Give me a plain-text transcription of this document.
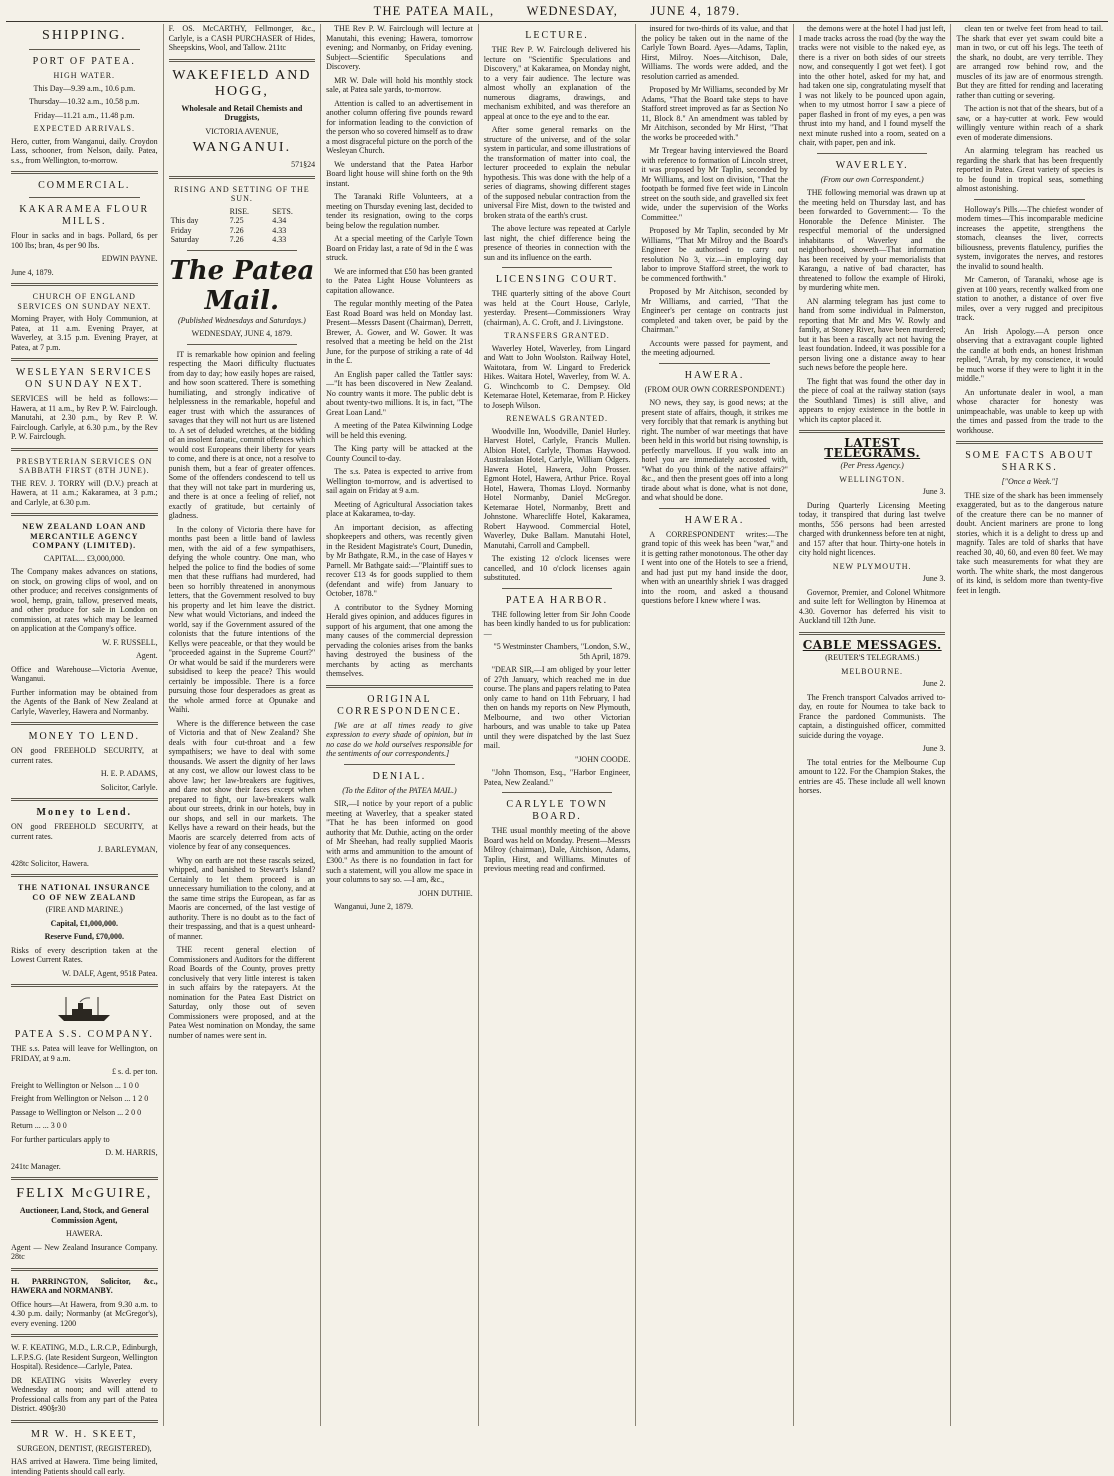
THE PATEA MAIL,	WEDNESDAY,	JUNE 4, 1879.
SHIPPING.
PORT OF PATEA.
HIGH WATER.

This Day—9.39 a.m., 10.6 p.m.

Thursday—10.32 a.m., 10.58 p.m.

Friday—11.21 a.m., 11.48 p.m.

EXPECTED ARRIVALS.

Hero, cutter, from Wanganui, daily. Croydon Lass, schooner, from Nelson, daily. Patea, s.s., from Wellington, to-morrow.

COMMERCIAL.
KAKARAMEA FLOUR MILLS.

Flour in sacks and in bags. Pollard, 6s per 100 lbs; bran, 4s per 90 lbs.

EDWIN PAYNE.

June 4, 1879.

CHURCH OF ENGLAND SERVICES ON SUNDAY NEXT.

Morning Prayer, with Holy Communion, at Patea, at 11 a.m. Evening Prayer, at Waverley, at 3.15 p.m. Evening Prayer, at Patea, at 7 p.m.

WESLEYAN SERVICES ON SUNDAY NEXT.

SERVICES will be held as follows:— Hawera, at 11 a.m., by Rev P. W. Fairclough. Manutahi, at 2.30 p.m., by Rev P. W. Fairclough. Carlyle, at 6.30 p.m., by the Rev P. W. Fairclough.

PRESBYTERIAN SERVICES ON SABBATH FIRST (8TH JUNE).

THE REV. J. TORRY will (D.V.) preach at Hawera, at 11 a.m.; Kakaramea, at 3 p.m.; and Carlyle, at 6.30 p.m.

NEW ZEALAND LOAN AND MERCANTILE AGENCY COMPANY (LIMITED).

CAPITAL.... £3,000,000.

The Company makes advances on stations, on stock, on growing clips of wool, and on other produce; and receives consignments of wool, hemp, grain, tallow, preserved meats, and other produce for sale in London on commission, at rates which may be learned on application at the Company's office.

W. F. RUSSELL,

Agent.

Office and Warehouse—Victoria Avenue, Wanganui.

Further information may be obtained from the Agents of the Bank of New Zealand at Carlyle, Waverley, Hawera and Normanby.

MONEY TO LEND.

ON good FREEHOLD SECURITY, at current rates.

H. E. P. ADAMS,

Solicitor, Carlyle.

Money to Lend.

ON good FREEHOLD SECURITY, at current rates.

J. BARLEYMAN,

428tc Solicitor, Hawera.

THE NATIONAL INSURANCE CO OF NEW ZEALAND

(FIRE AND MARINE.)

Capital, £1,000,000.

Reserve Fund, £70,000.

Risks of every description taken at the Lowest Current Rates.

W. DALF, Agent, 951ß Patea.

PATEA S.S. COMPANY.

THE s.s. Patea will leave for Wellington, on FRIDAY, at 9 a.m.

£ s. d. per ton.

Freight to Wellington or Nelson ... 1 0 0

Freight from Wellington or Nelson ... 1 2 0

Passage to Wellington or Nelson ... 2 0 0

Return ... ... 3 0 0

For further particulars apply to

D. M. HARRIS,

241tc Manager.

FELIX McGUIRE,

Auctioneer, Land, Stock, and General Commission Agent,

HAWERA.

Agent — New Zealand Insurance Company. 28tc

H. PARRINGTON, Solicitor, &c., HAWERA and NORMANBY.

Office hours—At Hawera, from 9.30 a.m. to 4.30 p.m. daily; Normanby (at McGregor's), every evening. 1200

W. F. KEATING, M.D., L.R.C.P., Edinburgh, L.F.P.S.G. (late Resident Surgeon, Wellington Hospital). Residence—Carlyle, Patea.

DR KEATING visits Waverley every Wednesday at noon; and will attend to Professional calls from any part of the Patea District. 490§r30

MR W. H. SKEET,

SURGEON, DENTIST, (REGISTERED),

HAS arrived at Hawera. Time being limited, intending Patients should call early.

F. OS. McCARTHY, Fellmonger, &c., Carlyle, is a CASH PURCHASER of Hides, Sheepskins, Wool, and Tallow. 211tc

WAKEFIELD AND HOGG,

Wholesale and Retail Chemists and Druggists,

VICTORIA AVENUE,

WANGANUI.

571§24

RISING AND SETTING OF THE SUN.
	RISE.	SETS.
This day	7.25	4.34
Friday	7.26	4.33
Saturday	7.26	4.33
The Patea Mail.

(Published Wednesdays and Saturdays.)

WEDNESDAY, JUNE 4, 1879.

IT is remarkable how opinion and feeling respecting the Maori difficulty fluctuates from day to day; how easily hopes are raised, and how soon scattered. There is something humiliating, and strongly indicative of helplessness in the remarkable, hopeful and eager trust with which the assurances of savages that they will not hurt us are listened to. A set of deluded wretches, at the bidding of an insolent fanatic, commit offences which would cost Europeans their liberty for years to come, and there is at once, not a resolve to punish them, but a fear of greater offences. Some of the offenders condescend to tell us that they will not take part in murdering us, and there is at once a feeling of relief, not exactly of gratitude, but certainly of gladness.

In the colony of Victoria there have for months past been a little band of lawless men, with the aid of a few sympathisers, defying the whole country. One man, who helped the police to find the bodies of some men that these ruffians had murdered, had been so horribly threatened in anonymous letters, that the Government resolved to buy his property and let him leave the district. New what would Victorians, and indeed the world, say if the Government assured of the colonists that the future intentions of the Kellys were peaceable, or that they would be "proceeded against in the Supreme Court?" Or what would be said if the murderers were subsidised to keep the peace? This would certainly be impossible. There is a force pursuing those four desperadoes as great as the whole armed force at Opunake and Waihi.

Where is the difference between the case of Victoria and that of New Zealand? She deals with four cut-throat and a few sympathisers; we have to deal with some thousands. We assert the dignity of her laws at any cost, we allow our lowest class to be above law; her law-breakers are fugitives, and dare not show their faces except when prepared to fight, our law-breakers walk about our streets, drink in our hotels, buy in our shops, and sell in our markets. The Kellys have a reward on their heads, but the Maoris are scarcely deterred from acts of violence by fear of any consequences.

Why on earth are not these rascals seized, whipped, and banished to Stewart's Island? Certainly to let them proceed is an unnecessary humiliation to the colony, and at the same time strips the European, as far as Maoris are concerned, of the last vestige of authority. There is no doubt as to the fact of their trespassing, and that is a quest unheard-of manner.

THE recent general election of Commissioners and Auditors for the different Road Boards of the County, proves pretty conclusively that very little interest is taken in such affairs by the ratepayers. At the nomination for the Patea East District on Saturday, only those out of seven Commissioners were proposed, and at the Patea West nomination on Monday, the same number of names were sent in.

THE Rev P. W. Fairclough will lecture at Manutahi, this evening; Hawera, tomorrow evening; and Normanby, on Friday evening. Subject—Scientific Speculations and Discovery.

MR W. Dale will hold his monthly stock sale, at Patea sale yards, to-morrow.

Attention is called to an advertisement in another column offering five pounds reward for information leading to the conviction of the person who so covered himself as to draw a most disgraceful picture on the porch of the Wesleyan Church.

We understand that the Patea Harbor Board light house will shine forth on the 9th instant.

The Taranaki Rifle Volunteers, at a meeting on Thursday evening last, decided to tender its resignation, owing to the corps being below the regulation number.

At a special meeting of the Carlyle Town Board on Friday last, a rate of 9d in the £ was struck.

We are informed that £50 has been granted to the Patea Light House Volunteers as capitation allowance.

The regular monthly meeting of the Patea East Road Board was held on Monday last. Present—Messrs Dasent (Chairman), Derrett, Brewer, A. Gower, and W. Gower. It was resolved that a meeting be held on the 21st June, for the purpose of striking a rate of 4d in the £.

An English paper called the Tattler says:—"It has been discovered in New Zealand. No country wants it more. The public debt is about twenty-two millions. It is, in fact, "The Great Loan Land."

A meeting of the Patea Kilwinning Lodge will be held this evening.

The King party will be attacked at the County Council to-day.

The s.s. Patea is expected to arrive from Wellington to-morrow, and is advertised to sail again on Friday at 9 a.m.

Meeting of Agricultural Association takes place at Kakaramea, to-day.

An important decision, as affecting shopkeepers and others, was recently given in the Resident Magistrate's Court, Dunedin, by Mr Bathgate, R.M., in the case of Hayes v Parnell. Mr Bathgate said:—"Plaintiff sues to recover £13 4s for goods supplied to them (defendant and wife) from January to October, 1878."

A contributor to the Sydney Morning Herald gives opinion, and adduces figures in support of his argument, that one among the many causes of the commercial depression pervading the colonies arises from the banks having destroyed the business of the merchants by acting as merchants themselves.

ORIGINAL CORRESPONDENCE.

[We are at all times ready to give expression to every shade of opinion, but in no case do we hold ourselves responsible for the sentiments of our correspondents.]

DENIAL.

(To the Editor of the PATEA MAIL.)

SIR,—I notice by your report of a public meeting at Waverley, that a speaker stated "That he has been informed on good authority that Mr. Duthie, acting on the order of Mr Sheehan, had really supplied Maoris with arms and ammunition to the amount of £300." As there is no foundation in fact for such a statement, will you allow me space in your columns to say so. —I am, &c.,

JOHN DUTHIE.

Wanganui, June 2, 1879.

LECTURE.

THE Rev P. W. Fairclough delivered his lecture on "Scientific Speculations and Discovery," at Kakaramea, on Monday night, to a very fair audience. The lecture was almost wholly an explanation of the numerous diagrams, drawings, and mechanism exhibited, and was therefore an appeal at once to the eye and to the ear.

After some general remarks on the structure of the universe, and of the solar system in particular, and some illustrations of the transformation of matter into coal, the lecturer proceeded to explain the nebular hypothesis. This was done with the help of a series of diagrams, showing different stages of the supposed nebular contraction from the universal Fire Mist, down to the twisted and broken strata of the earth's crust.

The above lecture was repeated at Carlyle last night, the chief difference being the presence of theories in connection with the sun and its influence on the earth.

LICENSING COURT.

THE quarterly sitting of the above Court was held at the Court House, Carlyle, yesterday. Present—Commissioners Wray (chairman), A. C. Croft, and J. Livingstone.

TRANSFERS GRANTED.

Waverley Hotel, Waverley, from Lingard and Watt to John Woolston. Railway Hotel, Waitotara, from W. Lingard to Frederick Hikes. Waitara Hotel, Waverley, from W. A. G. Winchcomb to C. Dempsey. Old Ketemarae Hotel, Ketemarae, from P. Hickey to Joseph Wilson.

RENEWALS GRANTED.

Woodville Inn, Woodville, Daniel Hurley. Harvest Hotel, Carlyle, Francis Mullen. Albion Hotel, Carlyle, Thomas Haywood. Australasian Hotel, Carlyle, William Odgers. Hawera Hotel, Hawera, John Prosser. Egmont Hotel, Hawera, Arthur Price. Royal Hotel, Hawera, Thomas Lloyd. Normanby Hotel Normanby, Daniel McGregor. Ketemarae Hotel, Normanby, Brett and Johnstone. Wharecliffe Hotel, Kakaramea, Robert Haywood. Commercial Hotel, Waverley, Duke Ballam. Manutahi Hotel, Manutahi, Carroll and Campbell.

The existing 12 o'clock licenses were cancelled, and 10 o'clock licenses again substituted.

PATEA HARBOR.

THE following letter from Sir John Coode has been kindly handed to us for publication:—

"5 Westminster Chambers, "London, S.W., 5th April, 1879.

"DEAR SIR,—I am obliged by your letter of 27th January, which reached me in due course. The plans and papers relating to Patea only came to hand on 11th February, I had then on hands my reports on New Plymouth, Melbourne, and two other Victorian harbours, and was unable to take up Patea until they were dispatched by the last Suez mail.

"JOHN COODE.

"John Thomson, Esq., "Harbor Engineer, Patea, New Zealand."

CARLYLE TOWN BOARD.

THE usual monthly meeting of the above Board was held on Monday. Present—Messrs Milroy (chairman), Dale, Aitchison, Adams, Taplin, Hirst, and Williams. Minutes of previous meeting read and confirmed.

insured for two-thirds of its value, and that the policy be taken out in the name of the Carlyle Town Board. Ayes—Adams, Taplin, Hirst, Milroy. Noes—Aitchison, Dale, Williams. The words were added, and the resolution carried as amended.

Proposed by Mr Williams, seconded by Mr Adams, "That the Board take steps to have Stafford street improved as far as Section No 11, Block 8." An amendment was tabled by Mr Aitchison, seconded by Mr Hirst, "That the works be proceeded with."

Mr Tregear having interviewed the Board with reference to formation of Lincoln street, it was proposed by Mr Taplin, seconded by Mr Williams, and lost on division, "That the footpath be formed five feet wide in Lincoln street on the south side, and gravelled six feet wide, under the supervision of the Works Committee."

Proposed by Mr Taplin, seconded by Mr Williams, "That Mr Milroy and the Board's Engineer be authorised to carry out resolution No 3, viz.—in employing day labor to improve Stafford street, the work to be commenced forthwith."

Proposed by Mr Aitchison, seconded by Mr Williams, and carried, "That the Engineer's per centage on contracts just completed and taken over, be paid by the Chairman."

Accounts were passed for payment, and the meeting adjourned.

HAWERA.

(FROM OUR OWN CORRESPONDENT.)

NO news, they say, is good news; at the present state of affairs, though, it strikes me very forcibly that that remark is anything but right. The number of war meetings that have been held in this world but rising township, is perfectly marvellous. If you walk into an hotel you are immediately accosted with, "What do you think of the native affairs?" &c., and then the present goes off into a long tirade about what is done, what is not done, and what should be done.

HAWERA.

A CORRESPONDENT writes:—The grand topic of this week has been "war," and it is getting rather monotonous. The other day I went into one of the Hotels to see a friend, and had just put my hand inside the door, when with an unearthly shriek I was dragged into the room, and asked a thousand questions before I knew where I was.

the demons were at the hotel I had just left, I made tracks across the road (by the way the tracks were not visible to the naked eye, as there is a river on both sides of our streets now, and consequently I got wet feet). I got into the other hotel, asked for my hat, and had taken one sip, congratulating myself that I was not likely to be pounced upon again, when to my utmost horror I saw a piece of paper flashed in front of my eyes, a pen was thrust into my hand, and I found myself the next minute rushed into a room, seated on a chair, with paper, pen and ink.

WAVERLEY.

(From our own Correspondent.)

THE following memorial was drawn up at the meeting held on Thursday last, and has been forwarded to Government:— To the Honorable the Defence Minister. The respectful memorial of the undersigned inhabitants of Waverley and the neighborhood, showeth—That information has been received by your memorialists that Karangu, a native of bad character, has threatened to follow the example of Hiroki, by murdering white men.

AN alarming telegram has just come to hand from some individual in Palmerston, reporting that Mr and Mrs W. Rowly and family, at Stoney River, have been murdered; but it has been a rascally act not having the least foundation. Indeed, it was possible for a person living one a distance away to hear such news before the people here.

The fight that was found the other day in the piece of coal at the railway station (says the Southland Times) is still alive, and appears to enjoy existence in the bottle in which its captor placed it.

LATEST TELEGRAMS.

(Per Press Agency.)

WELLINGTON.

June 3.

During Quarterly Licensing Meeting today, it transpired that during last twelve months, 556 persons had been arrested charged with drunkenness before ten at night, and 157 after that hour. Thirty-one hotels in city hold night licences.

NEW PLYMOUTH.

June 3.

Governor, Premier, and Colonel Whitmore and suite left for Wellington by Hinemoa at 4.30. Governor has deferred his visit to Auckland till 12th June.

CABLE MESSAGES.

(REUTER'S TELEGRAMS.)

MELBOURNE.

June 2.

The French transport Calvados arrived to-day, en route for Noumea to take back to France the pardoned Communists. The captain, a distinguished officer, committed suicide during the voyage.

June 3.

The total entries for the Melbourne Cup amount to 122. For the Champion Stakes, the entries are 45. These include all well known horses.

clean ten or twelve feet from head to tail. The shark that ever yet swam could bite a man in two, or cut off his legs. The teeth of the shark, no doubt, are very terrible. They are arranged row behind row, and the muscles of its jaw are of enormous strength. But they are fitted for rending and lacerating rather than cutting or severing.

The action is not that of the shears, but of a saw, or a hay-cutter at work. Few would willingly venture within reach of a shark even of moderate dimensions.

An alarming telegram has reached us regarding the shark that has been frequently reported in Patea. Great variety of species is to be found in tropical seas, something almost astonishing.

Holloway's Pills.—The chiefest wonder of modern times—This incomparable medicine increases the appetite, strengthens the stomach, cleanses the liver, corrects biliousness, prevents flatulency, purifies the system, invigorates the nerves, and restores the invalid to sound health.

Mr Cameron, of Taranaki, whose age is given at 100 years, recently walked from one station to another, a distance of over five miles, over a very rugged and precipitous track.

An Irish Apology.—A person once observing that a extravagant couple lighted the candle at both ends, an honest Irishman replied, "Arrah, by my conscience, it would be much worse if they were to light it in the middle."

An unfortunate dealer in wool, a man whose character for honesty was unimpeachable, was unable to keep up with the times and passed from the trade to the workhouse.

SOME FACTS ABOUT SHARKS.

["Once a Week."]

THE size of the shark has been immensely exaggerated, but as to the dangerous nature of the creature there can be no manner of doubt. Ancient mariners are prone to long stories, which it is a delight to dress up and magnify. Tales are told of sharks that have reached 30, 40, 60, and even 80 feet. We may take such measurements for what they are worth. The white shark, the most dangerous of its kind, is seldom more than twenty-five feet in length.
